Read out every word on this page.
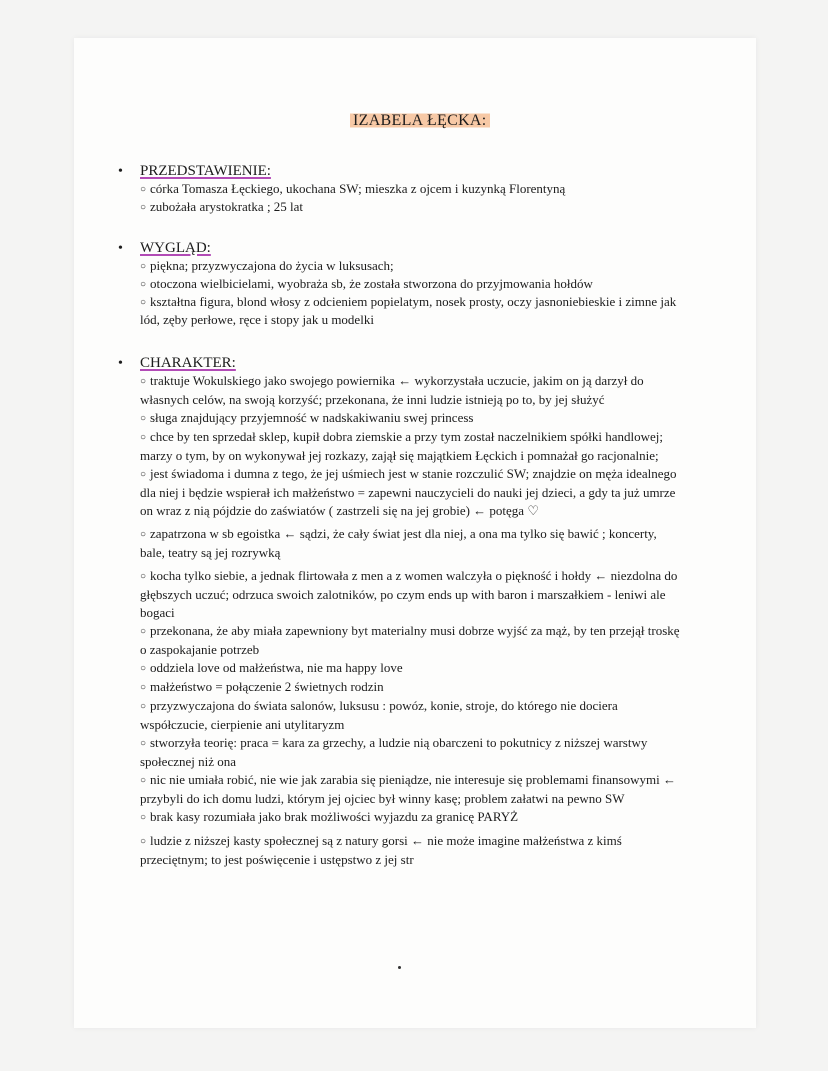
IZABELA ŁĘCKA:
•	PRZEDSTAWIENIE:

○ córka Tomasza Łęckiego, ukochana SW; mieszka z ojcem i kuzynką Florentyną

○ zubożała arystokratka ; 25 lat

•	WYGLĄD:

○ piękna; przyzwyczajona do życia w luksusach;

○ otoczona wielbicielami, wyobraża sb, że została stworzona do przyjmowania hołdów

○ kształtna figura, blond włosy z odcieniem popielatym, nosek prosty, oczy jasnoniebieskie i zimne jak lód, zęby perłowe, ręce i stopy jak u modelki

•	CHARAKTER:

○ traktuje Wokulskiego jako swojego powiernika ← wykorzystała uczucie, jakim on ją darzył do własnych celów, na swoją korzyść; przekonana, że inni ludzie istnieją po to, by jej służyć

○ sługa znajdujący przyjemność w nadskakiwaniu swej princess

○ chce by ten sprzedał sklep, kupił dobra ziemskie a przy tym został naczelnikiem spółki handlowej; marzy o tym, by on wykonywał jej rozkazy, zajął się majątkiem Łęckich i pomnażał go racjonalnie;

○ jest świadoma i dumna z tego, że jej uśmiech jest w stanie rozczulić SW; znajdzie on męża idealnego dla niej i będzie wspierał ich małżeństwo = zapewni nauczycieli do nauki jej dzieci, a gdy ta już umrze on wraz z nią pójdzie do zaświatów ( zastrzeli się na jej grobie) ← potęga ♡

○ zapatrzona w sb egoistka ← sądzi, że cały świat jest dla niej, a ona ma tylko się bawić ; koncerty, bale, teatry są jej rozrywką

○ kocha tylko siebie, a jednak flirtowała z men a z women walczyła o piękność i hołdy ← niezdolna do głębszych uczuć; odrzuca swoich zalotników, po czym ends up with baron i marszałkiem - leniwi ale bogaci

○ przekonana, że aby miała zapewniony byt materialny musi dobrze wyjść za mąż, by ten przejął troskę o zaspokajanie potrzeb

○ oddziela love od małżeństwa, nie ma happy love

○ małżeństwo = połączenie 2 świetnych rodzin

○ przyzwyczajona do świata salonów, luksusu : powóz, konie, stroje, do którego nie dociera współczucie, cierpienie ani utylitaryzm

○ stworzyła teorię: praca = kara za grzechy, a ludzie nią obarczeni to pokutnicy z niższej warstwy społecznej niż ona

○ nic nie umiała robić, nie wie jak zarabia się pieniądze, nie interesuje się problemami finansowymi ← przybyli do ich domu ludzi, którym jej ojciec był winny kasę; problem załatwi na pewno SW

○ brak kasy rozumiała jako brak możliwości wyjazdu za granicę PARYŻ

○ ludzie z niższej kasty społecznej są z natury gorsi ← nie może imagine małżeństwa z kimś przeciętnym; to jest poświęcenie i ustępstwo z jej str
